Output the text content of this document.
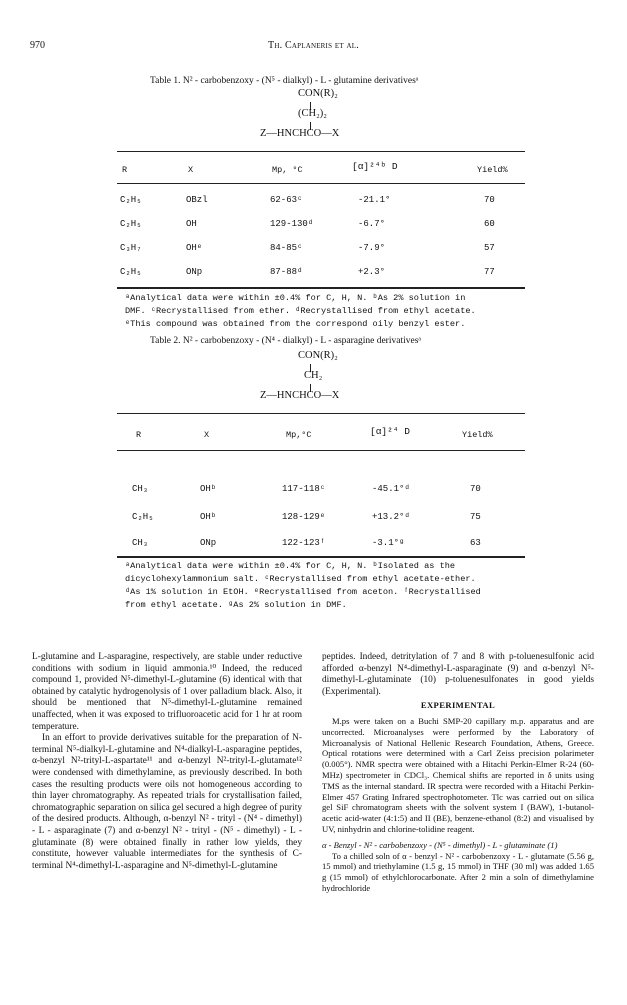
970	Th. Caplaneris et al.
Table 1. N² - carbobenzoxy - (N⁵ - dialkyl) - L - glutamine derivativesᵃ
CON(R)₂
(CH₂)₂
Z—HNCHCO—X
R	X	Mp, °C	[α]²⁴ᵇ D	Yield%
C₂H₅	OBzl	62-63ᶜ	-21.1°	70
C₂H₅	OH	129-130ᵈ	-6.7°	60
C₃H₇	OHᵉ	84-85ᶜ	-7.9°	57
C₂H₅	ONp	87-88ᵈ	+2.3°	77
ᵃAnalytical data were within ±0.4% for C, H, N. ᵇAs 2% solution in
DMF. ᶜRecrystallised from ether. ᵈRecrystallised from ethyl acetate.
ᵉThis compound was obtained from the correspond oily benzyl ester.
Table 2. N² - carbobenzoxy - (N⁴ - dialkyl) - L - asparagine derivativesᵃ
CON(R)₂
CH₂
Z—HNCHCO—X
R	X	Mp,°C	[α]²⁴ D	Yield%
CH₃	OHᵇ	117-118ᶜ	-45.1°ᵈ	70
C₂H₅	OHᵇ	128-129ᵉ	+13.2°ᵈ	75
CH₃	ONp	122-123ᶠ	-3.1°ᵍ	63
ᵃAnalytical data were within ±0.4% for C, H, N. ᵇIsolated as the
dicyclohexylammonium salt. ᶜRecrystallised from ethyl acetate-ether.
ᵈAs 1% solution in EtOH. ᵉRecrystallised from aceton. ᶠRecrystallised
from ethyl acetate. ᵍAs 2% solution in DMF.

L-glutamine and L-asparagine, respectively, are stable under reductive conditions with sodium in liquid ammonia.¹⁰ Indeed, the reduced compound 1, provided N⁵-dimethyl-L-glutamine (6) identical with that obtained by catalytic hydrogenolysis of 1 over palladium black. Also, it should be mentioned that N⁵-dimethyl-L-glutamine remained unaffected, when it was exposed to trifluoroacetic acid for 1 hr at room temperature.

In an effort to provide derivatives suitable for the preparation of N-terminal N⁵-dialkyl-L-glutamine and N⁴-dialkyl-L-asparagine peptides, α-benzyl N²-trityl-L-aspartate¹¹ and α-benzyl N²-trityl-L-glutamate¹² were condensed with dimethylamine, as previously described. In both cases the resulting products were oils not homogeneous according to thin layer chromatography. As repeated trials for crystallisation failed, chromatographic separation on silica gel secured a high degree of purity of the desired products. Although, α-benzyl N² - trityl - (N⁴ - dimethyl) - L - asparaginate (7) and α-benzyl N² - trityl - (N⁵ - dimethyl) - L - glutaminate (8) were obtained finally in rather low yields, they constitute, however valuable intermediates for the synthesis of C-terminal N⁴-dimethyl-L-asparagine and N⁵-dimethyl-L-glutamine

peptides. Indeed, detritylation of 7 and 8 with p-toluenesulfonic acid afforded α-benzyl N⁴-dimethyl-L-asparaginate (9) and α-benzyl N⁵-dimethyl-L-glutaminate (10) p-toluenesulfonates in good yields (Experimental).

EXPERIMENTAL

M.ps were taken on a Buchi SMP-20 capillary m.p. apparatus and are uncorrected. Microanalyses were performed by the Laboratory of Microanalysis of National Hellenic Research Foundation, Athens, Greece. Optical rotations were determined with a Carl Zeiss precision polarimeter (0.005°). NMR spectra were obtained with a Hitachi Perkin-Elmer R-24 (60-MHz) spectrometer in CDCl₃. Chemical shifts are reported in δ units using TMS as the internal standard. IR spectra were recorded with a Hitachi Perkin-Elmer 457 Grating Infrared spectrophotometer. Tlc was carried out on silica gel SiF chromatogram sheets with the solvent system I (BAW), 1-butanol-acetic acid-water (4:1:5) and II (BE), benzene-ethanol (8:2) and visualised by UV, ninhydrin and chlorine-tolidine reagent.

α - Benzyl - N² - carbobenzoxy - (N⁵ - dimethyl) - L - glutaminate (1)

To a chilled soln of α - benzyl - N² - carbobenzoxy - L - glutamate (5.56 g, 15 mmol) and triethylamine (1.5 g, 15 mmol) in THF (30 ml) was added 1.65 g (15 mmol) of ethylchlorocarbonate. After 2 min a soln of dimethylamine hydrochloride
